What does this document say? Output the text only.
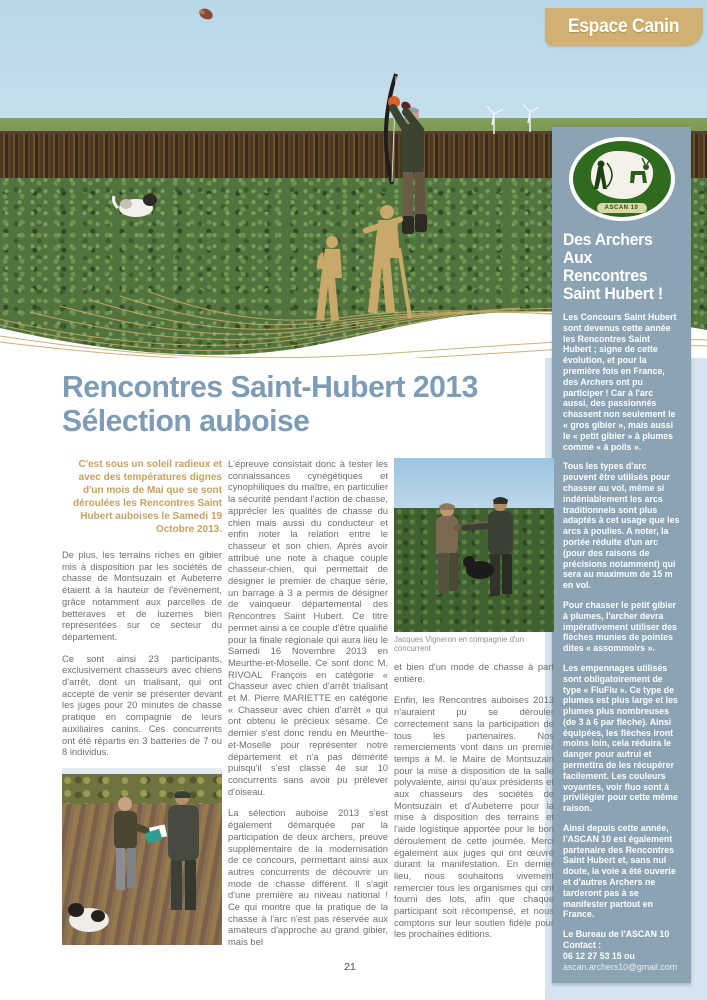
Espace Canin
ASCAN 10
Des Archers Aux Rencontres Saint Hubert !

Les Concours Saint Hubert sont devenus cette année les Rencontres Saint Hubert ; signe de cette évolution, et pour la première fois en France, des Archers ont pu participer ! Car à l'arc aussi, des passionnés chassent non seulement le « gros gibier », mais aussi le « petit gibier » à plumes comme « à poils ».

Tous les types d'arc peuvent être utilisés pour chasser au vol, même si indéniablement les arcs traditionnels sont plus adaptés à cet usage que les arcs à poulies. A noter, la portée réduite d'un arc (pour des raisons de précisions notamment) qui sera au maximum de 15 m en vol.

Pour chasser le petit gibier à plumes, l'archer devra impérativement utiliser des flèches munies de pointes dites « assommoirs ».

Les empennages utilisés sont obligatoirement de type « FluFlu ». Ce type de plumes est plus large et les plumes plus nombreuses (de 3 à 6 par flèche). Ainsi équipées, les flèches iront moins loin, cela réduira le danger pour autrui et permettra de les récupérer facilement. Les couleurs voyantes, voir fluo sont à privilégier pour cette même raison.

Ainsi depuis cette année, l'ASCAN 10 est également partenaire des Rencontres Saint Hubert et, sans nul doute, la voie a été ouverte et d'autres Archers ne tarderont pas à se manifester partout en France.

Le Bureau de l'ASCAN 10
Contact :
06 12 27 53 15 ou
ascan.archers10@gmail.com
Rencontres Saint-Hubert 2013
Sélection auboise

C'est sous un soleil radieux et avec des températures dignes d'un mois de Mai que se sont déroulées les Rencontres Saint Hubert auboises le Samedi 19 Octobre 2013.

De plus, les terrains riches en gibier mis à disposition par les sociétés de chasse de Montsuzain et Aubeterre étaient à la hauteur de l'évènement, grâce notamment aux parcelles de betteraves et de luzernes bien représentées sur ce secteur du département.

Ce sont ainsi 23 participants, exclusivement chasseurs avec chiens d'arrêt, dont un trialisant, qui ont accepté de venir se présenter devant les juges pour 20 minutes de chasse pratique en compagnie de leurs auxiliaires canins. Ces concurrents ont été répartis en 3 batteries de 7 ou 8 individus.

L'épreuve consistait donc à tester les connaissances cynégétiques et cynophiliques du maître, en particulier la sécurité pendant l'action de chasse, apprécier les qualités de chasse du chien mais aussi du conducteur et enfin noter la relation entre le chasseur et son chien. Après avoir attribué une note à chaque couple chasseur-chien, qui permettait de désigner le premier de chaque série, un barrage à 3 a permis de désigner de vainqueur départemental des Rencontres Saint Hubert. Ce titre permet ainsi à ce couple d'être qualifié pour la finale régionale qui aura lieu le Samedi 16 Novembre 2013 en Meurthe-et-Moselle. Ce sont donc M. RIVOAL François en catégorie « Chasseur avec chien d'arrêt trialisant et M. Pierre MARIETTE en catégorie « Chasseur avec chien d'arrêt » qui ont obtenu le précieux sésame. Ce dernier s'est donc rendu en Meurthe-et-Moselle pour représenter notre département et n'a pas démérité puisqu'il s'est classé 4e sur 10 concurrents sans avoir pu prélever d'oiseau.

La sélection auboise 2013 s'est également démarquée par la participation de deux archers, preuve supplémentaire de la modernisation de ce concours, permettant ainsi aux autres concurrents de découvrir un mode de chasse différent. Il s'agit d'une première au niveau national ! Ce qui montre que la pratique de la chasse à l'arc n'est pas réservée aux amateurs d'approche au grand gibier, mais bel

Jacques Vigneron en compagnie d'un concurrent

et bien d'un mode de chasse à part entière.

Enfin, les Rencontres auboises 2013 n'auraient pu se dérouler correctement sans la participation de tous les partenaires. Nos remerciements vont dans un premier temps à M. le Maire de Montsuzain pour la mise à disposition de la salle polyvalente, ainsi qu'aux présidents et aux chasseurs des sociétés de Montsuzain et d'Aubeterre pour la mise à disposition des terrains et l'aide logistique apportée pour le bon déroulement de cette journée. Merci également aux juges qui ont œuvré durant la manifestation. En dernier lieu, nous souhaitons vivement remercier tous les organismes qui ont fourni des lots, afin que chaque participant soit récompensé, et nous comptons sur leur soutien fidèle pour les prochaines éditions.

21
